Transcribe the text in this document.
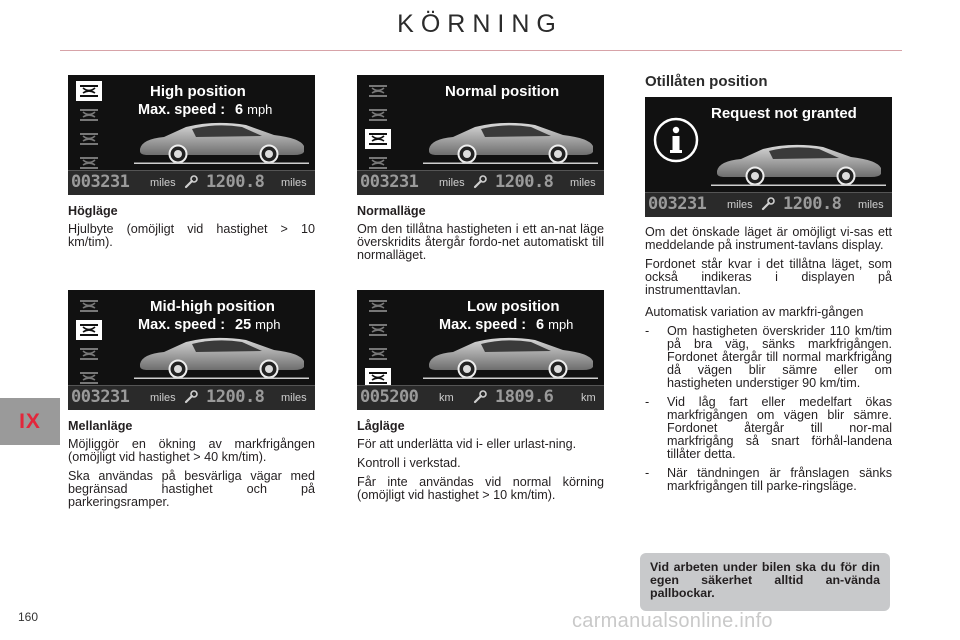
KÖRNING
High position
Max. speed : 6 mph
003231 miles 1200.8 miles
Normal position
003231 miles 1200.8 miles
Request not granted
003231 miles 1200.8 miles
Mid-high position
Max. speed : 25 mph
003231 miles 1200.8 miles
Low position
Max. speed : 6 mph
005200 km 1809.6	km
Högläge

Hjulbyte (omöjligt vid hastighet > 10 km/tim).

Normalläge

Om den tillåtna hastigheten i ett an-nat läge överskridits återgår fordo-net automatiskt till normalläget.

Mellanläge

Möjliggör en ökning av markfrigången (omöjligt vid hastighet > 40 km/tim).

Ska användas på besvärliga vägar med begränsad hastighet och på parkeringsramper.

Lågläge

För att underlätta vid i- eller urlast-ning.

Kontroll i verkstad.

Får inte användas vid normal körning (omöjligt vid hastighet > 10 km/tim).

Otillåten position

Om det önskade läget är omöjligt vi-sas ett meddelande på instrument-tavlans display.

Fordonet står kvar i det tillåtna läget, som också indikeras i displayen på instrumenttavlan.

Automatisk variation av markfri-gången

- Om hastigheten överskrider 110 km/tim på bra väg, sänks markfrigången. Fordonet återgår till normal markfrigång då vägen blir sämre eller om hastigheten understiger 90 km/tim.
- Vid låg fart eller medelfart ökas markfrigången om vägen blir sämre. Fordonet återgår till nor-mal markfrigång så snart förhål-landena tillåter detta.
- När tändningen är frånslagen sänks markfrigången till parke-ringsläge.
Vid arbeten under bilen ska du för din egen säkerhet alltid an-vända pallbockar.
IX
160	carmanualsonline.info
